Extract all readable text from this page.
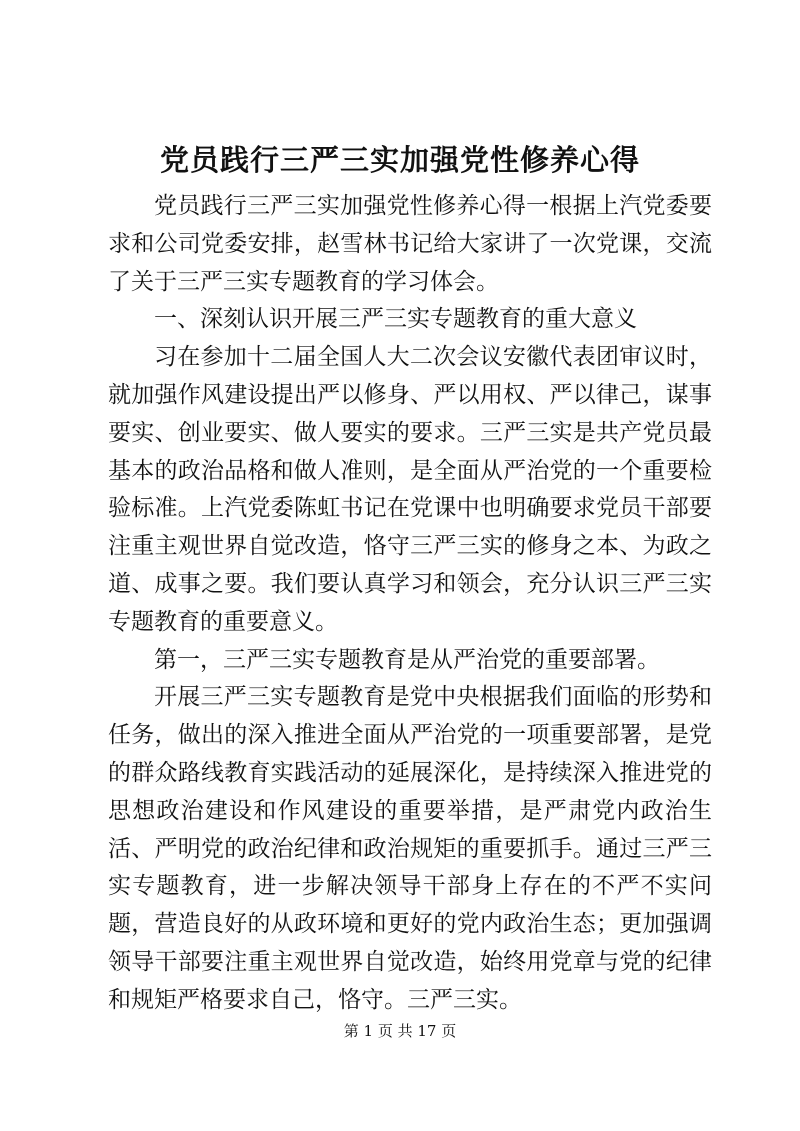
党员践行三严三实加强党性修养心得

党员践行三严三实加强党性修养心得一根据上汽党委要求和公司党委安排，赵雪林书记给大家讲了一次党课，交流了关于三严三实专题教育的学习体会。

一、深刻认识开展三严三实专题教育的重大意义

习在参加十二届全国人大二次会议安徽代表团审议时，就加强作风建设提出严以修身、严以用权、严以律己，谋事要实、创业要实、做人要实的要求。三严三实是共产党员最基本的政治品格和做人准则，是全面从严治党的一个重要检验标准。上汽党委陈虹书记在党课中也明确要求党员干部要注重主观世界自觉改造，恪守三严三实的修身之本、为政之道、成事之要。我们要认真学习和领会，充分认识三严三实专题教育的重要意义。

第一，三严三实专题教育是从严治党的重要部署。

开展三严三实专题教育是党中央根据我们面临的形势和任务，做出的深入推进全面从严治党的一项重要部署，是党的群众路线教育实践活动的延展深化，是持续深入推进党的思想政治建设和作风建设的重要举措，是严肃党内政治生活、严明党的政治纪律和政治规矩的重要抓手。通过三严三实专题教育，进一步解决领导干部身上存在的不严不实问题，营造良好的从政环境和更好的党内政治生态；更加强调领导干部要注重主观世界自觉改造，始终用党章与党的纪律和规矩严格要求自己，恪守。三严三实。

第 1 页 共 17 页
